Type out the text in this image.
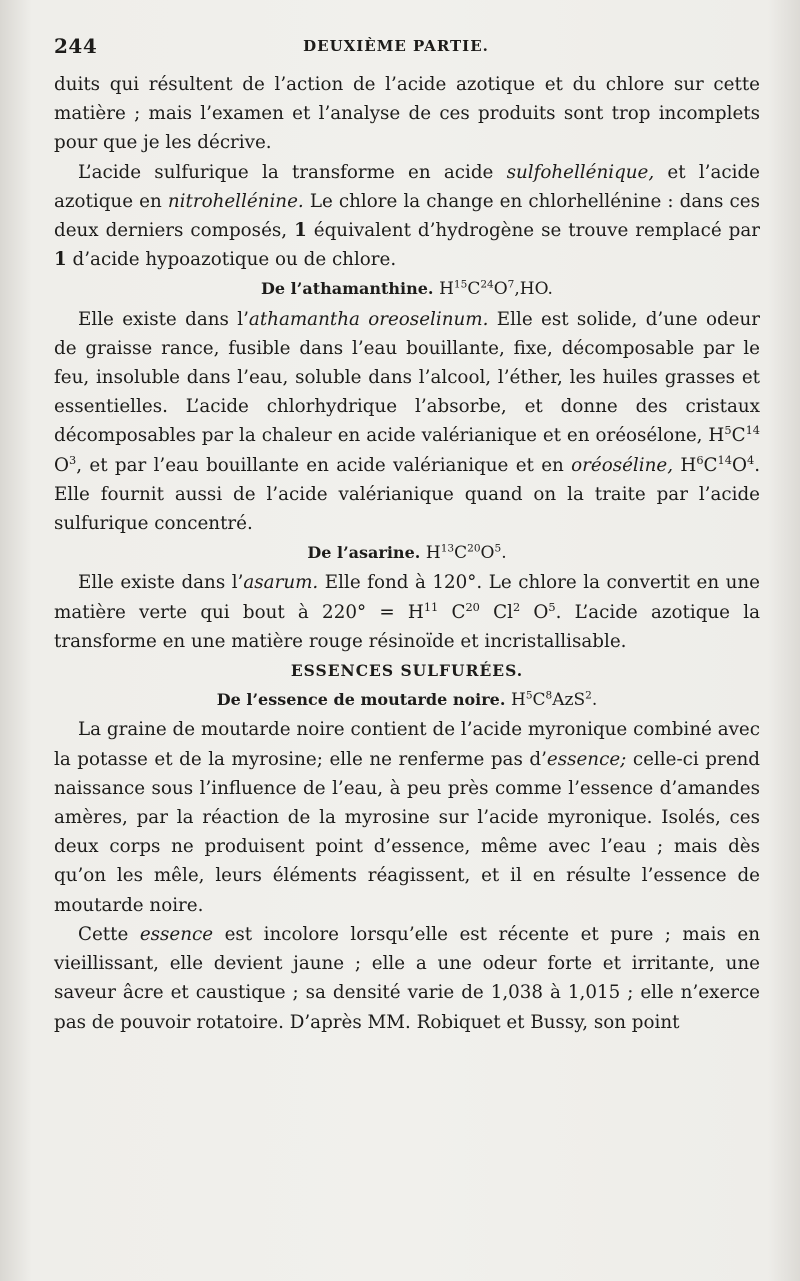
244	DEUXIÈME PARTIE.

duits qui résultent de l’action de l’acide azotique et du chlore sur cette matière ; mais l’examen et l’analyse de ces produits sont trop incomplets pour que je les décrive.

L’acide sulfurique la transforme en acide sulfohellénique, et l’acide azotique en nitrohellénine. Le chlore la change en chlorhellénine : dans ces deux derniers composés, 1 équivalent d’hydrogène se trouve remplacé par 1 d’acide hypoazotique ou de chlore.

De l’athamanthine. $H^{15}C^{24}O^7,HO$.

Elle existe dans l’athamantha oreoselinum. Elle est solide, d’une odeur de graisse rance, fusible dans l’eau bouillante, fixe, décomposable par le feu, insoluble dans l’eau, soluble dans l’alcool, l’éther, les huiles grasses et essentielles. L’acide chlorhydrique l’absorbe, et donne des cristaux décomposables par la chaleur en acide valérianique et en oréosélone, $H^5C^{14}$ $O^3$, et par l’eau bouillante en acide valérianique et en oréoséline, $H^6C^{14}O^4$. Elle fournit aussi de l’acide valérianique quand on la traite par l’acide sulfurique concentré.

De l’asarine. $H^{13}C^{20}O^5$.

Elle existe dans l’asarum. Elle fond à 120°. Le chlore la convertit en une matière verte qui bout à $220^\circ = H^{11}$ $C^{20}$ Cl$^2$ $O^5$. L’acide azotique la transforme en une matière rouge résinoïde et incristallisable.

ESSENCES SULFURÉES.

De l’essence de moutarde noire. $H^5C^8AzS^2$.

La graine de moutarde noire contient de l’acide myronique combiné avec la potasse et de la myrosine; elle ne renferme pas d’essence; celle-ci prend naissance sous l’influence de l’eau, à peu près comme l’essence d’amandes amères, par la réaction de la myrosine sur l’acide myronique. Isolés, ces deux corps ne produisent point d’essence, même avec l’eau ; mais dès qu’on les mêle, leurs éléments réagissent, et il en résulte l’essence de moutarde noire.

Cette essence est incolore lorsqu’elle est récente et pure ; mais en vieillissant, elle devient jaune ; elle a une odeur forte et irritante, une saveur âcre et caustique ; sa densité varie de 1,038 à 1,015 ; elle n’exerce pas de pouvoir rotatoire. D’après MM. Robiquet et Bussy, son point
